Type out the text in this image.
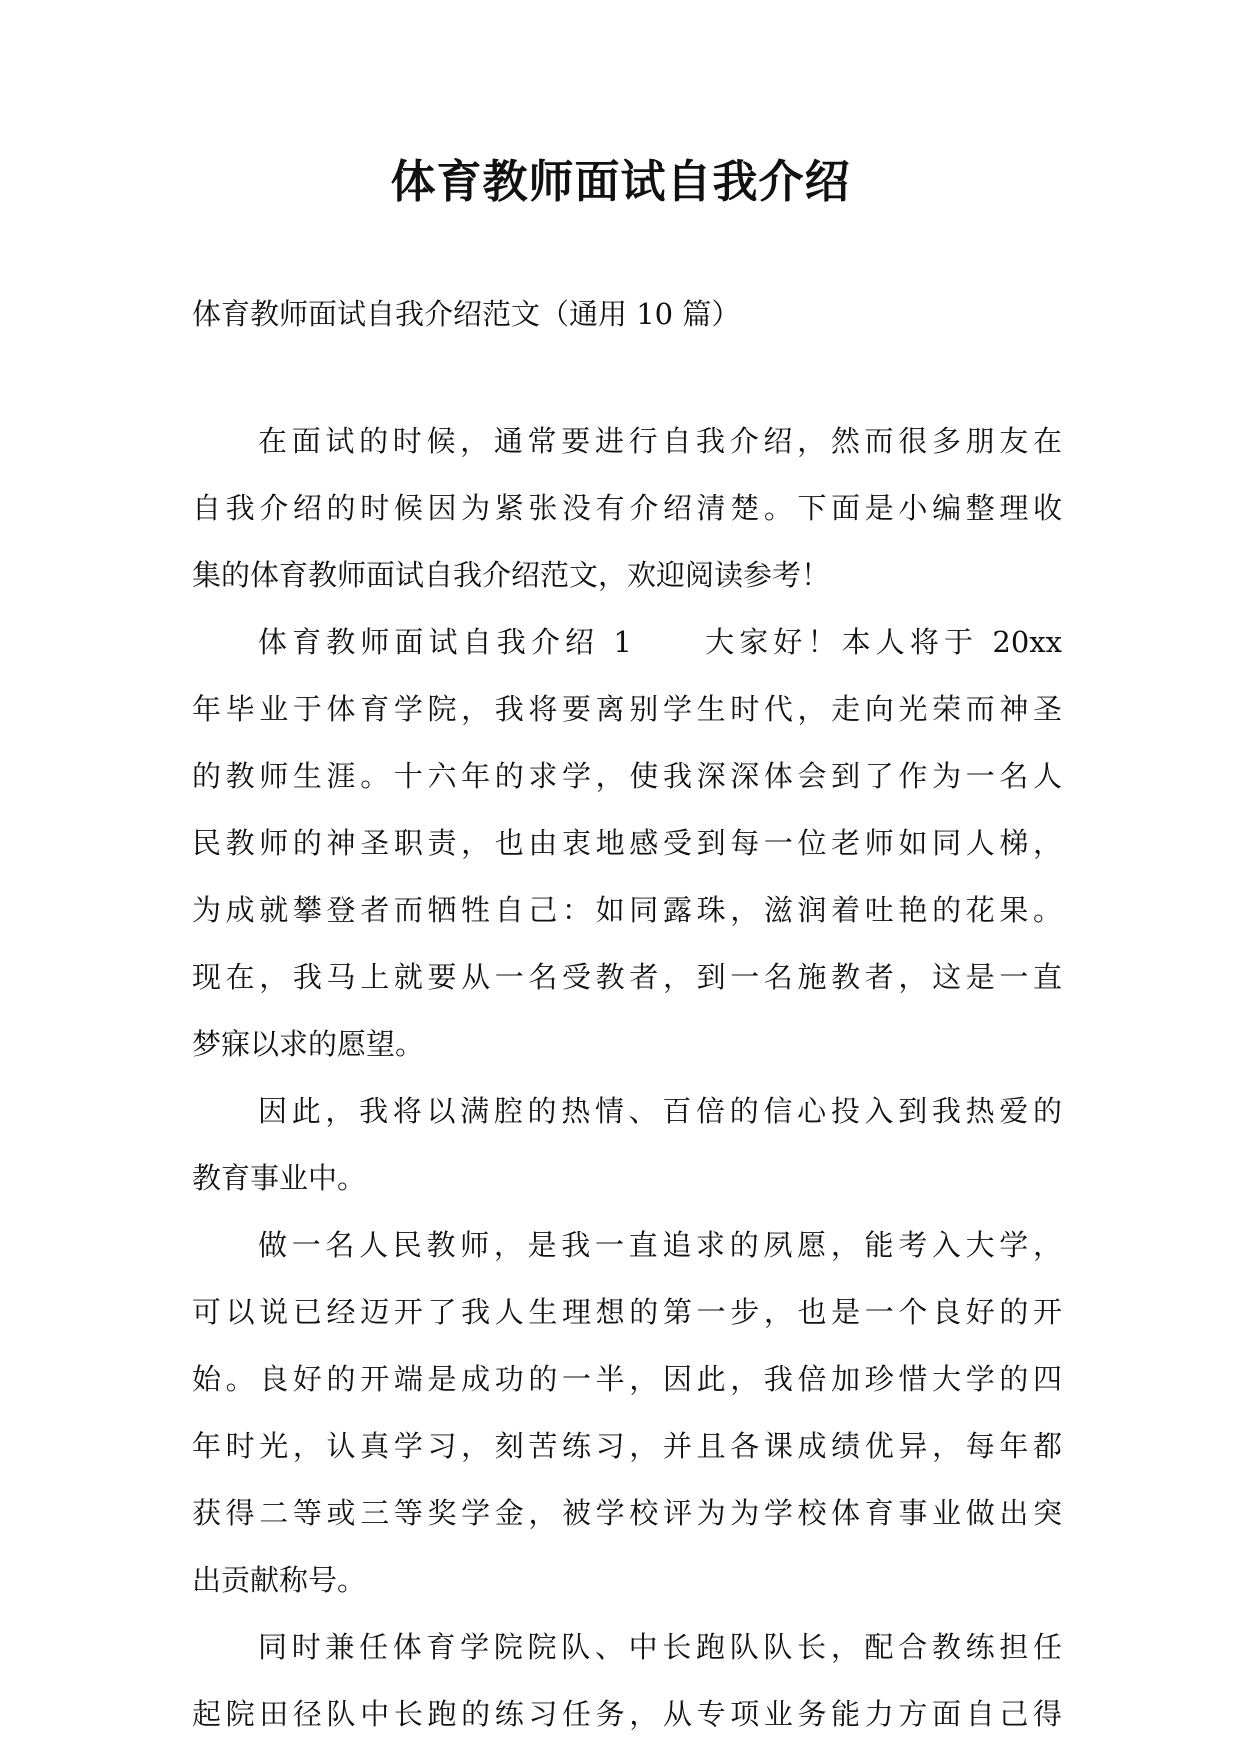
体育教师面试自我介绍
体育教师面试自我介绍范文（通用 10 篇）
在面试的时候，通常要进行自我介绍，然而很多朋友在
自我介绍的时候因为紧张没有介绍清楚。下面是小编整理收
集的体育教师面试自我介绍范文，欢迎阅读参考！
体育教师面试自我介绍 1　　大家好！本人将于 20xx
年毕业于体育学院，我将要离别学生时代，走向光荣而神圣
的教师生涯。十六年的求学，使我深深体会到了作为一名人
民教师的神圣职责，也由衷地感受到每一位老师如同人梯，
为成就攀登者而牺牲自己：如同露珠，滋润着吐艳的花果。
现在，我马上就要从一名受教者，到一名施教者，这是一直
梦寐以求的愿望。
因此，我将以满腔的热情、百倍的信心投入到我热爱的
教育事业中。
做一名人民教师，是我一直追求的夙愿，能考入大学，
可以说已经迈开了我人生理想的第一步，也是一个良好的开
始。良好的开端是成功的一半，因此，我倍加珍惜大学的四
年时光，认真学习，刻苦练习，并且各课成绩优异，每年都
获得二等或三等奖学金，被学校评为为学校体育事业做出突
出贡献称号。
同时兼任体育学院院队、中长跑队队长，配合教练担任
起院田径队中长跑的练习任务，从专项业务能力方面自己得
